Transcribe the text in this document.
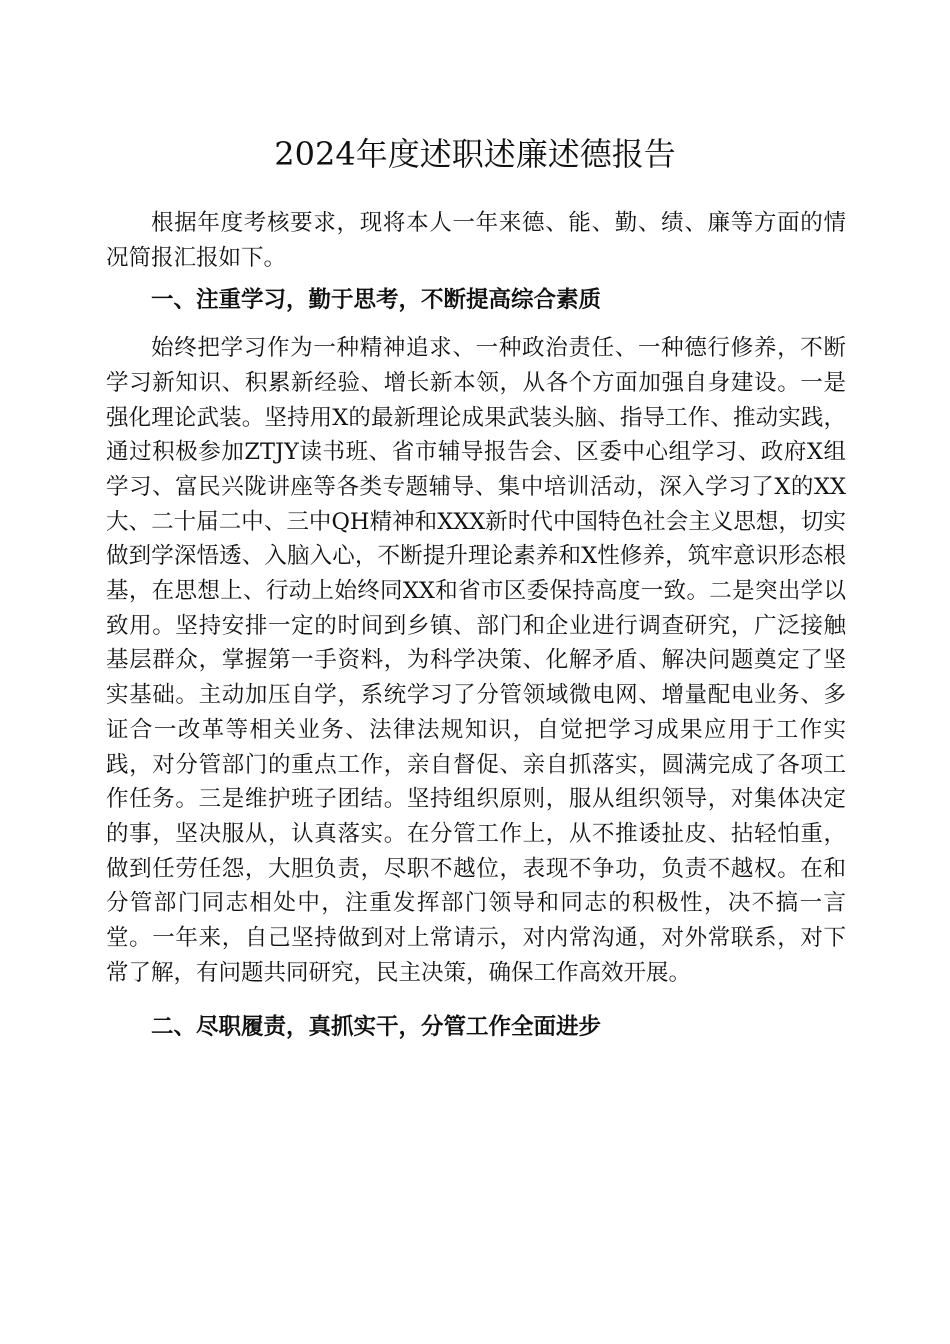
2024年度述职述廉述德报告

根据年度考核要求，现将本人一年来德、能、勤、绩、廉等方面的情况简报汇报如下。

一、注重学习，勤于思考，不断提高综合素质

始终把学习作为一种精神追求、一种政治责任、一种德行修养，不断学习新知识、积累新经验、增长新本领，从各个方面加强自身建设。一是强化理论武装。坚持用X的最新理论成果武装头脑、指导工作、推动实践，通过积极参加ZTJY读书班、省市辅导报告会、区委中心组学习、政府X组学习、富民兴陇讲座等各类专题辅导、集中培训活动，深入学习了X的XX大、二十届二中、三中QH精神和XXX新时代中国特色社会主义思想，切实做到学深悟透、入脑入心，不断提升理论素养和X性修养，筑牢意识形态根基，在思想上、行动上始终同XX和省市区委保持高度一致。二是突出学以致用。坚持安排一定的时间到乡镇、部门和企业进行调查研究，广泛接触基层群众，掌握第一手资料，为科学决策、化解矛盾、解决问题奠定了坚实基础。主动加压自学，系统学习了分管领域微电网、增量配电业务、多证合一改革等相关业务、法律法规知识，自觉把学习成果应用于工作实践，对分管部门的重点工作，亲自督促、亲自抓落实，圆满完成了各项工作任务。三是维护班子团结。坚持组织原则，服从组织领导，对集体决定的事，坚决服从，认真落实。在分管工作上，从不推诿扯皮、拈轻怕重，做到任劳任怨，大胆负责，尽职不越位，表现不争功，负责不越权。在和分管部门同志相处中，注重发挥部门领导和同志的积极性，决不搞一言堂。一年来，自己坚持做到对上常请示，对内常沟通，对外常联系，对下常了解，有问题共同研究，民主决策，确保工作高效开展。

二、尽职履责，真抓实干，分管工作全面进步
